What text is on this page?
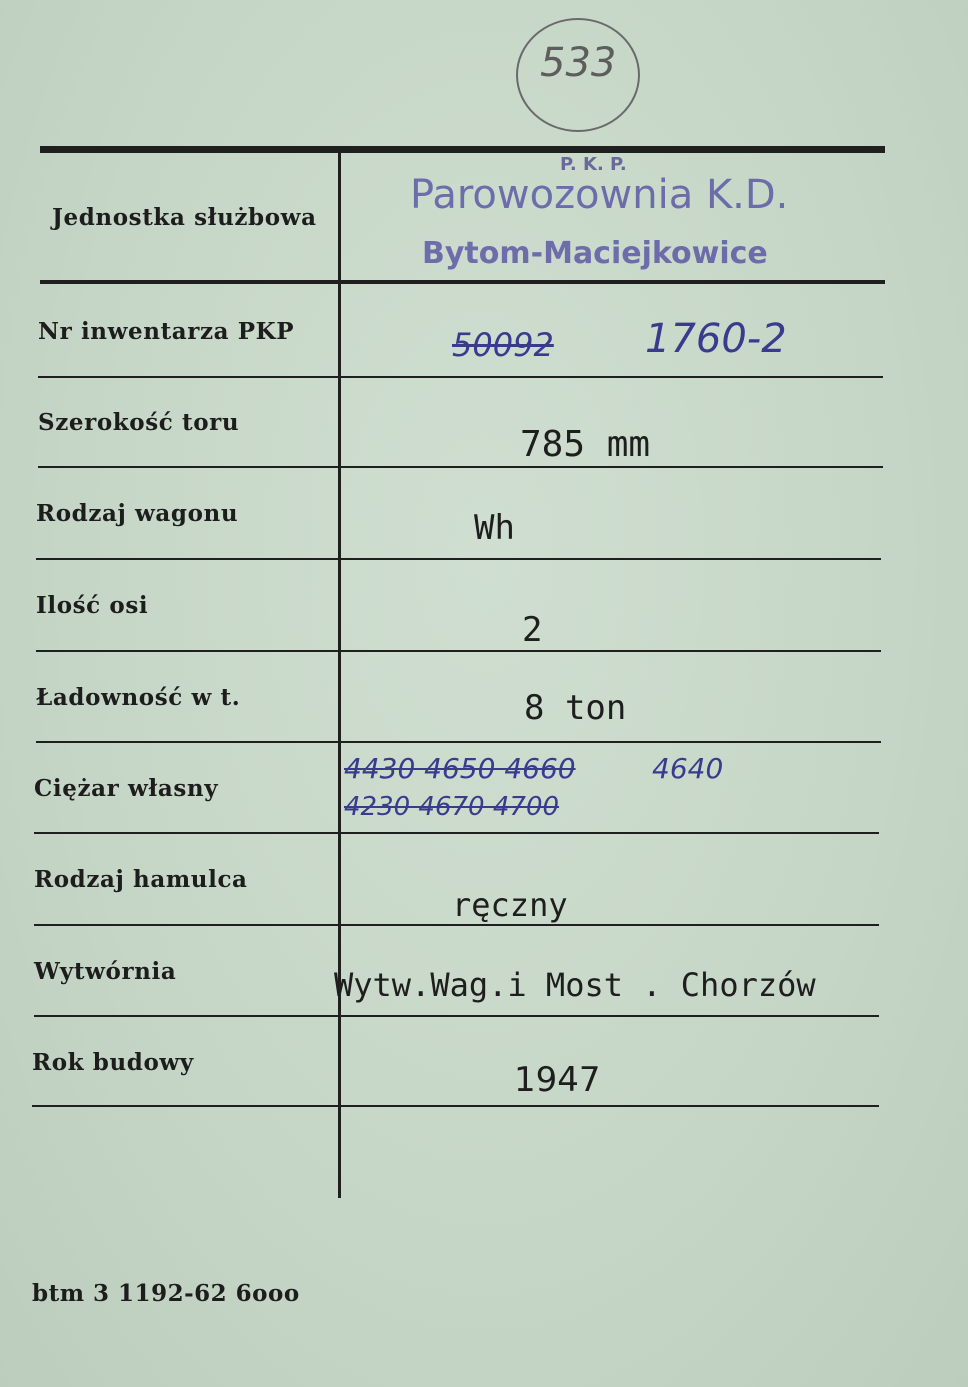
533
Jednostka służbowa
Nr inwentarza PKP
Szerokość toru
Rodzaj wagonu
Ilość osi
Ładowność w t.
Ciężar własny
Rodzaj hamulca
Wytwórnia
Rok budowy
P. K. P.
Parowozownia K.D.
Bytom-Maciejkowice
50092 1760-2
785 mm
Wh
2
8 ton
4430 4650 4660	4640
4230 4670 4700
ręczny
Wytw.Wag.i Most . Chorzów
1947
btm 3 1192-62 6ooo
